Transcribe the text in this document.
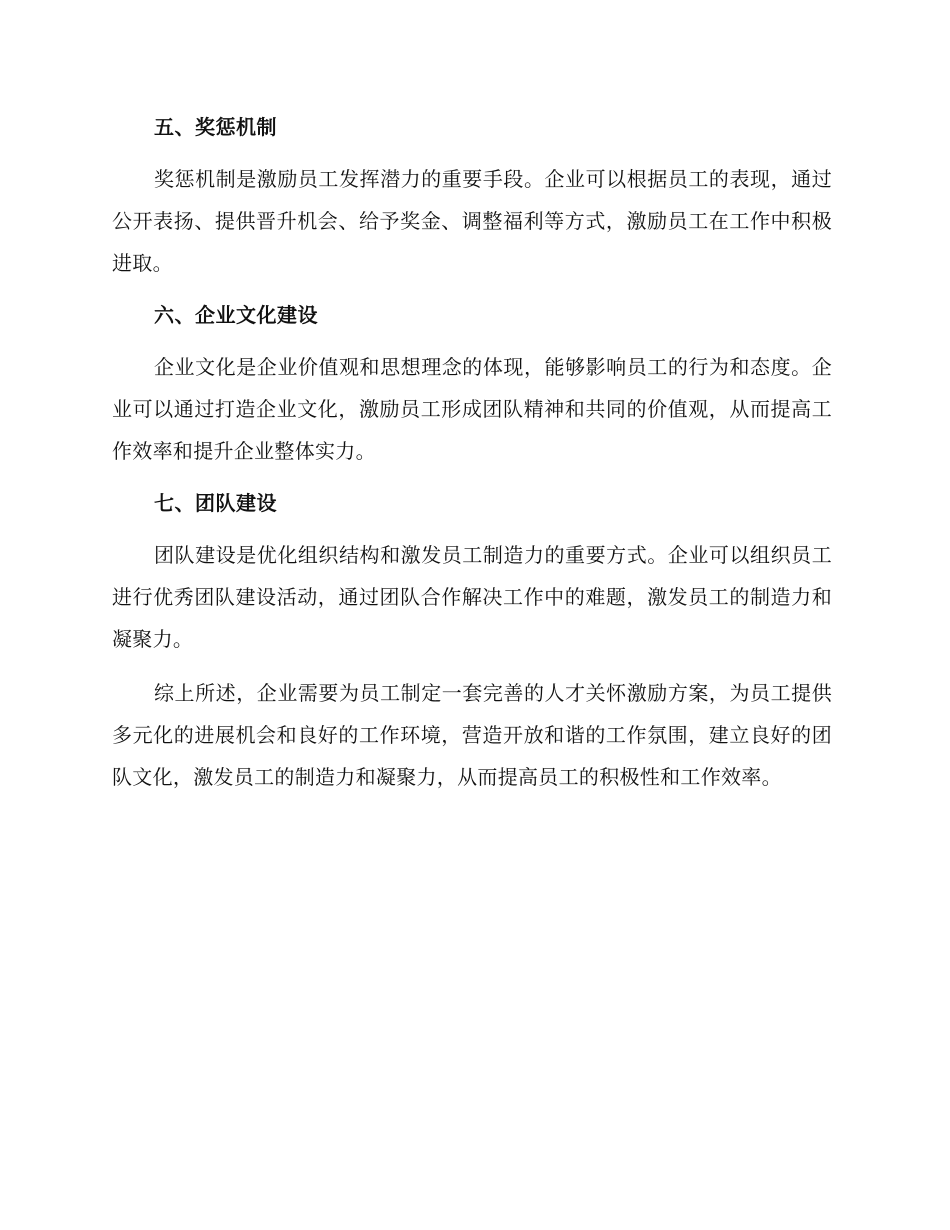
五、奖惩机制

奖惩机制是激励员工发挥潜力的重要手段。企业可以根据员工的表现，通过公开表扬、提供晋升机会、给予奖金、调整福利等方式，激励员工在工作中积极进取。

六、企业文化建设

企业文化是企业价值观和思想理念的体现，能够影响员工的行为和态度。企业可以通过打造企业文化，激励员工形成团队精神和共同的价值观，从而提高工作效率和提升企业整体实力。

七、团队建设

团队建设是优化组织结构和激发员工制造力的重要方式。企业可以组织员工进行优秀团队建设活动，通过团队合作解决工作中的难题，激发员工的制造力和凝聚力。

综上所述，企业需要为员工制定一套完善的人才关怀激励方案，为员工提供多元化的进展机会和良好的工作环境，营造开放和谐的工作氛围，建立良好的团队文化，激发员工的制造力和凝聚力，从而提高员工的积极性和工作效率。
